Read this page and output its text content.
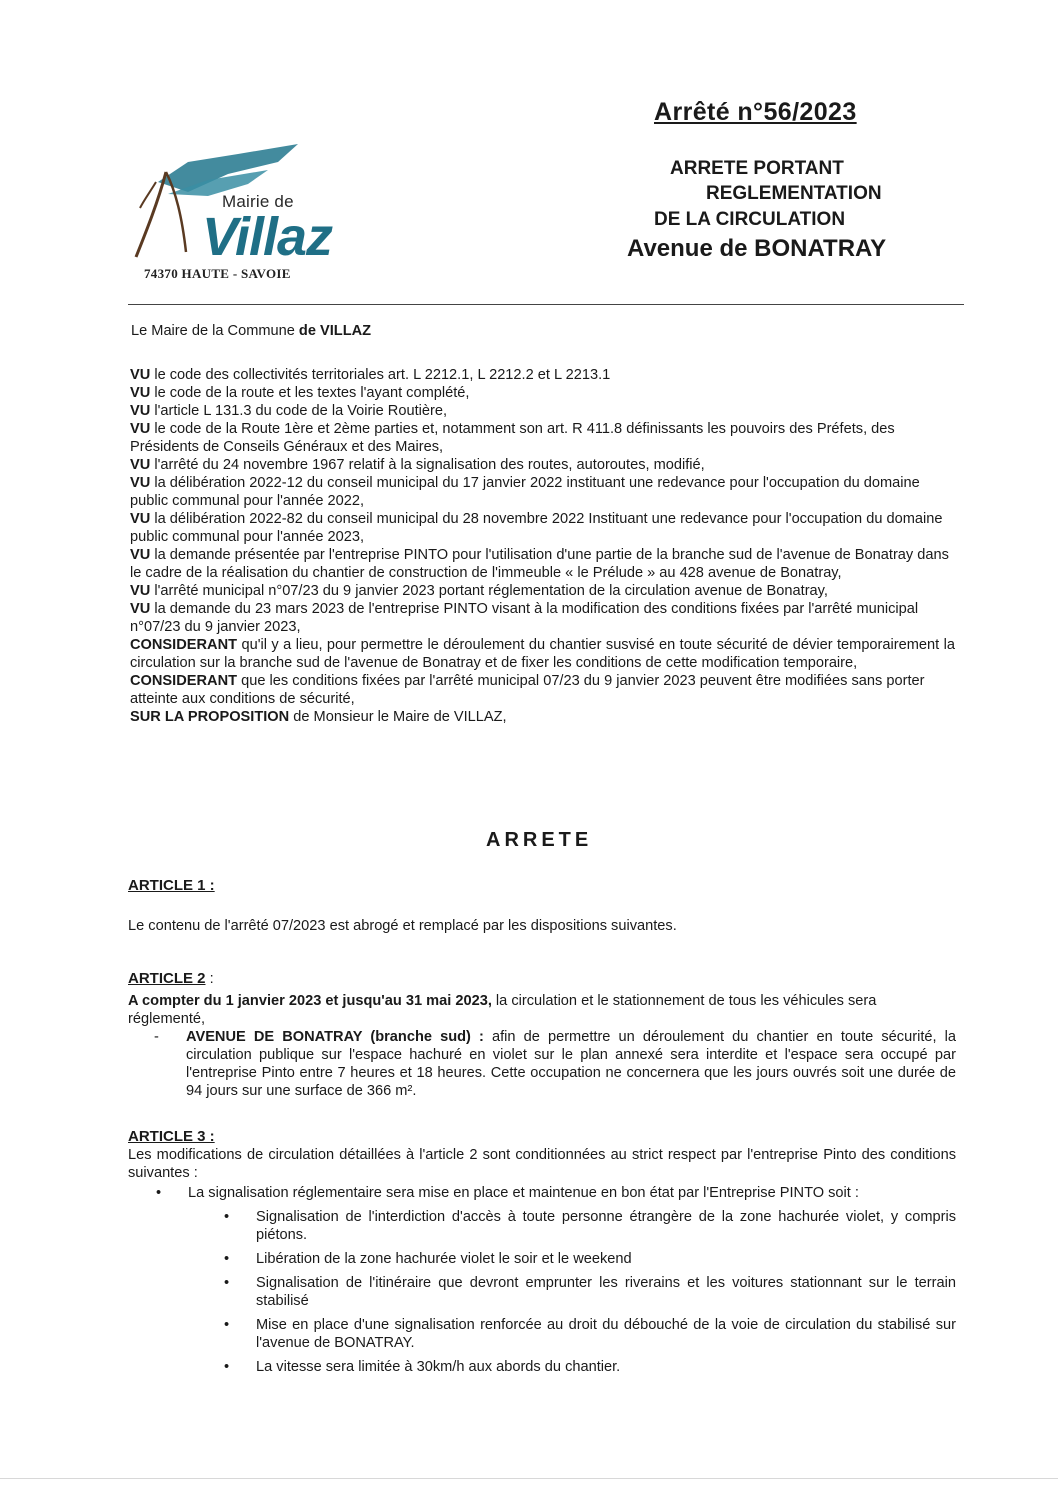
Mairie de
Villaz
74370 HAUTE - SAVOIE
Arrêté n°56/2023
ARRETE PORTANT
REGLEMENTATION
DE LA CIRCULATION
Avenue de BONATRAY
Le Maire de la Commune de VILLAZ

VU le code des collectivités territoriales art. L 2212.1, L 2212.2 et L 2213.1

VU le code de la route et les textes l'ayant complété,

VU l'article L 131.3 du code de la Voirie Routière,

VU le code de la Route 1ère et 2ème parties et, notamment son art. R 411.8 définissants les pouvoirs des Préfets, des Présidents de Conseils Généraux et des Maires,

VU l'arrêté du 24 novembre 1967 relatif à la signalisation des routes, autoroutes, modifié,

VU la délibération 2022-12 du conseil municipal du 17 janvier 2022 instituant une redevance pour l'occupation du domaine public communal pour l'année 2022,

VU la délibération 2022-82 du conseil municipal du 28 novembre 2022 Instituant une redevance pour l'occupation du domaine public communal pour l'année 2023,

VU la demande présentée par l'entreprise PINTO pour l'utilisation d'une partie de la branche sud de l'avenue de Bonatray dans le cadre de la réalisation du chantier de construction de l'immeuble « le Prélude » au 428 avenue de Bonatray,

VU l'arrêté municipal n°07/23 du 9 janvier 2023 portant réglementation de la circulation avenue de Bonatray,

VU la demande du 23 mars 2023 de l'entreprise PINTO visant à la modification des conditions fixées par l'arrêté municipal n°07/23 du 9 janvier 2023,

CONSIDERANT qu'il y a lieu, pour permettre le déroulement du chantier susvisé en toute sécurité de dévier temporairement la circulation sur la branche sud de l'avenue de Bonatray et de fixer les conditions de cette modification temporaire,

CONSIDERANT que les conditions fixées par l'arrêté municipal 07/23 du 9 janvier 2023 peuvent être modifiées sans porter atteinte aux conditions de sécurité,

SUR LA PROPOSITION de Monsieur le Maire de VILLAZ,

ARRETE

ARTICLE 1 :

Le contenu de l'arrêté 07/2023 est abrogé et remplacé par les dispositions suivantes.

ARTICLE 2 :

A compter du 1 janvier 2023 et jusqu'au 31 mai 2023, la circulation et le stationnement de tous les véhicules sera réglementé,

- AVENUE DE BONATRAY (branche sud) : afin de permettre un déroulement du chantier en toute sécurité, la circulation publique sur l'espace hachuré en violet sur le plan annexé sera interdite et l'espace sera occupé par l'entreprise Pinto entre 7 heures et 18 heures. Cette occupation ne concernera que les jours ouvrés soit une durée de 94 jours sur une surface de 366 m².

ARTICLE 3 :

Les modifications de circulation détaillées à l'article 2 sont conditionnées au strict respect par l'entreprise Pinto des conditions suivantes :

• La signalisation réglementaire sera mise en place et maintenue en bon état par l'Entreprise PINTO soit :

• Signalisation de l'interdiction d'accès à toute personne étrangère de la zone hachurée violet, y compris piétons.

• Libération de la zone hachurée violet le soir et le weekend

• Signalisation de l'itinéraire que devront emprunter les riverains et les voitures stationnant sur le terrain stabilisé

• Mise en place d'une signalisation renforcée au droit du débouché de la voie de circulation du stabilisé sur l'avenue de BONATRAY.

• La vitesse sera limitée à 30km/h aux abords du chantier.
